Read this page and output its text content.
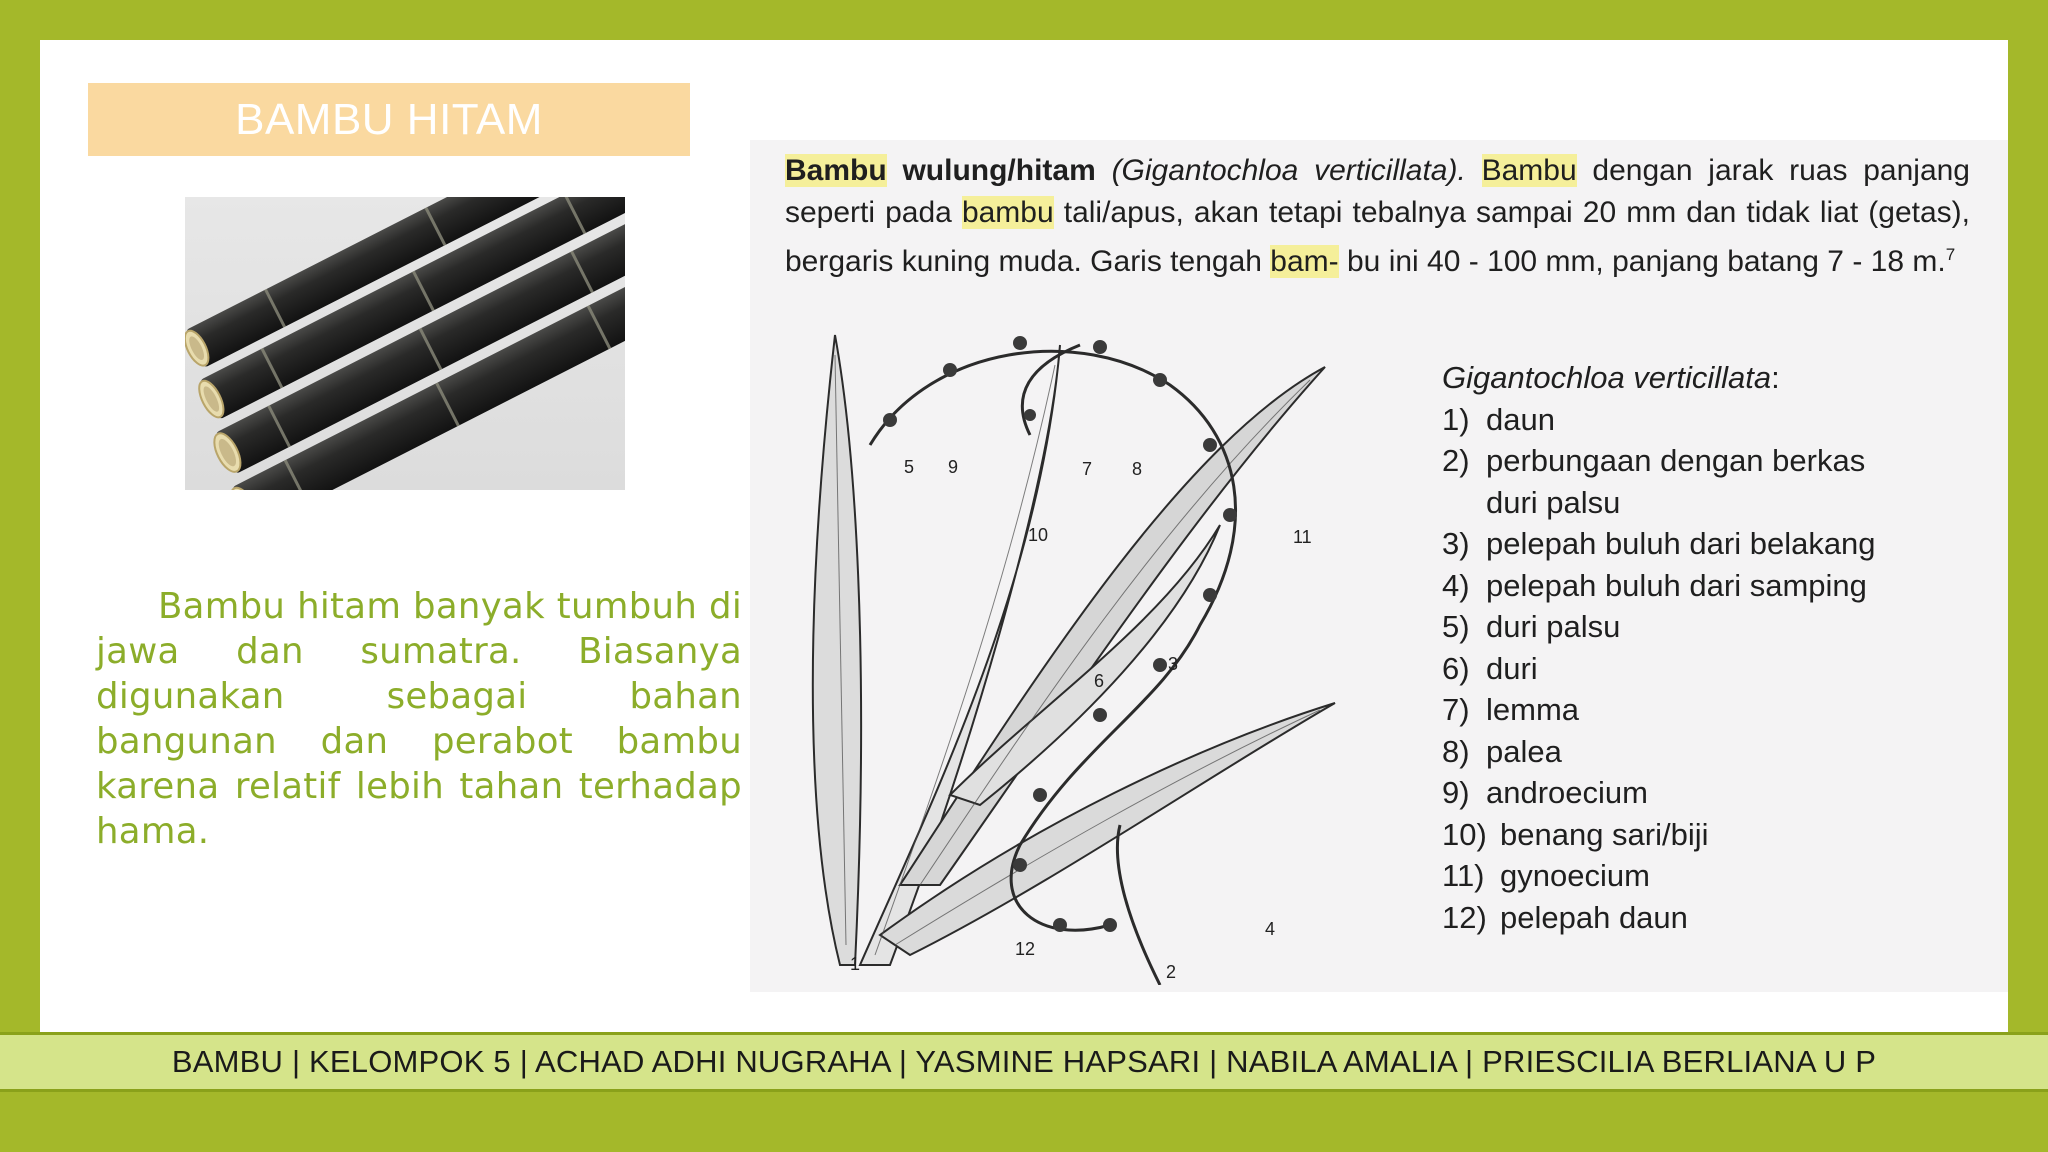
BAMBU HITAM
Bambu hitam banyak tumbuh di jawa dan sumatra. Biasanya digunakan sebagai bahan bangunan dan perabot bambu karena relatif lebih tahan terhadap hama.
Bambu wulung/hitam (Gigantochloa verticillata). Bambu dengan jarak ruas panjang seperti pada bambu tali/apus, akan tetapi tebalnya sampai 20 mm dan tidak liat (getas), bergaris kuning muda. Garis tengah bam- bu ini 40 - 100 mm, panjang batang 7 - 18 m.$^7$
1	2
3
4
5
6
7 8
9
10	11
12
Gigantochloa verticillata:
1) daun
2) perbungaan dengan berkas
duri palsu
3) pelepah buluh dari belakang
4) pelepah buluh dari samping
5) duri palsu
6) duri
7) lemma
8) palea
9) androecium
10) benang sari/biji
11) gynoecium
12) pelepah daun
BAMBU | KELOMPOK 5 | ACHAD ADHI NUGRAHA | YASMINE HAPSARI | NABILA AMALIA | PRIESCILIA BERLIANA U P
